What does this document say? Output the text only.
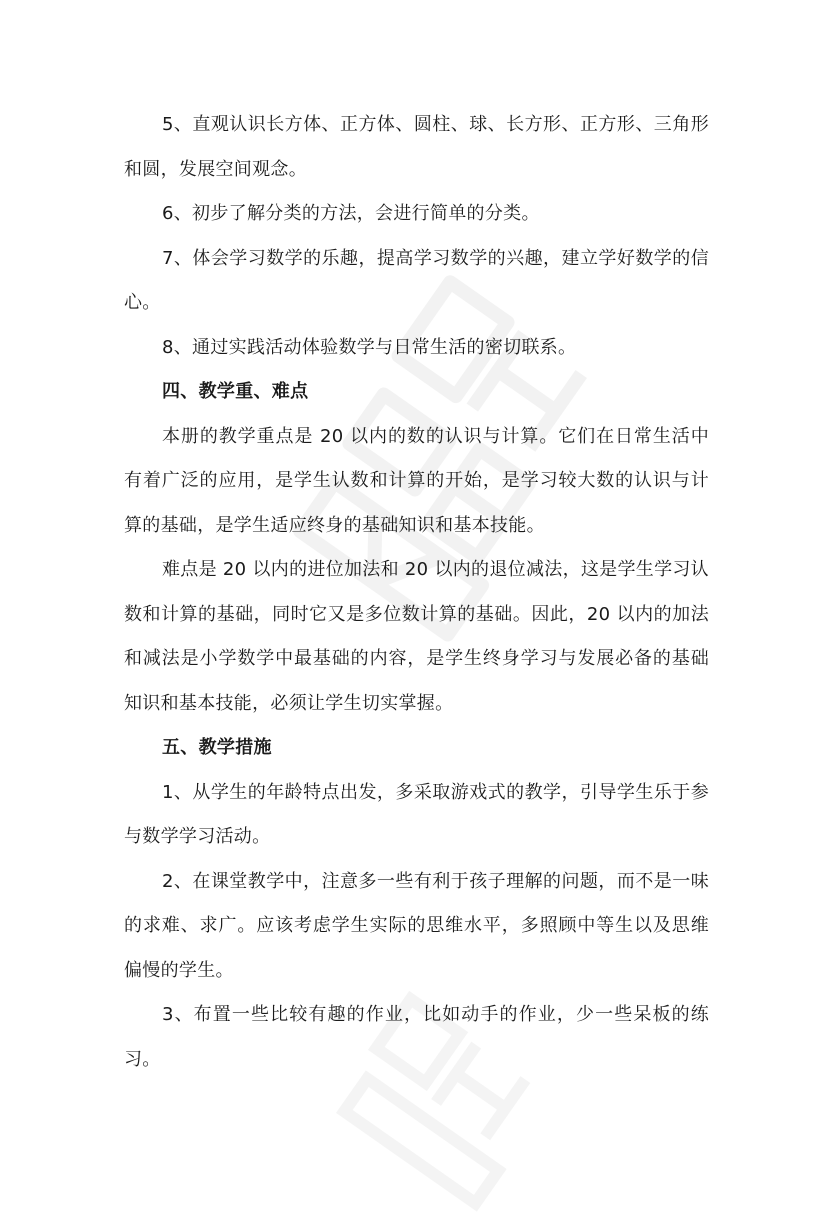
5、直观认识长方体、正方体、圆柱、球、长方形、正方形、三角形和圆，发展空间观念。

6、初步了解分类的方法，会进行简单的分类。

7、体会学习数学的乐趣，提高学习数学的兴趣，建立学好数学的信心。

8、通过实践活动体验数学与日常生活的密切联系。

四、教学重、难点

本册的教学重点是 20 以内的数的认识与计算。它们在日常生活中有着广泛的应用，是学生认数和计算的开始，是学习较大数的认识与计算的基础，是学生适应终身的基础知识和基本技能。

难点是 20 以内的进位加法和 20 以内的退位减法，这是学生学习认数和计算的基础，同时它又是多位数计算的基础。因此，20 以内的加法和减法是小学数学中最基础的内容，是学生终身学习与发展必备的基础知识和基本技能，必须让学生切实掌握。

五、教学措施

1、从学生的年龄特点出发，多采取游戏式的教学，引导学生乐于参与数学学习活动。

2、在课堂教学中，注意多一些有利于孩子理解的问题，而不是一味的求难、求广。应该考虑学生实际的思维水平，多照顾中等生以及思维偏慢的学生。

3、布置一些比较有趣的作业，比如动手的作业，少一些呆板的练习。
